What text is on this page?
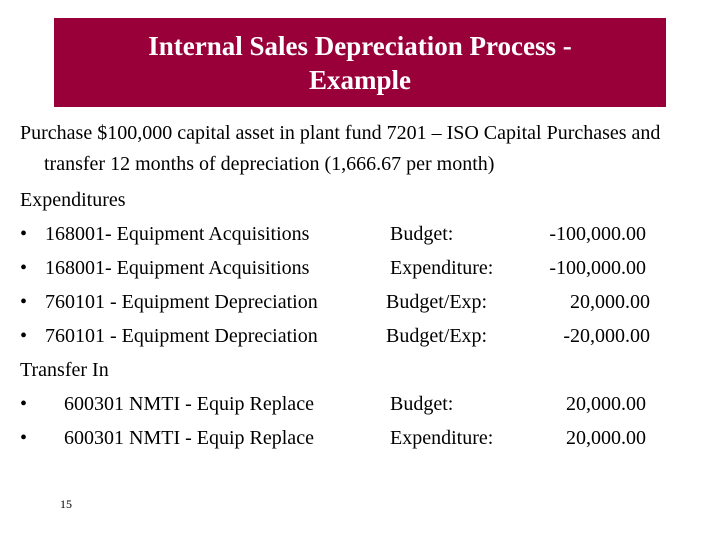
Internal Sales Depreciation Process -
Example

Purchase $100,000 capital asset in plant fund 7201 – ISO Capital Purchases and transfer 12 months of depreciation (1,666.67 per month)

Expenditures
• 168001- Equipment Acquisitions	Budget:	-100,000.00
• 168001- Equipment Acquisitions	Expenditure:	-100,000.00
• 760101 - Equipment Depreciation	Budget/Exp:	20,000.00
• 760101 - Equipment Depreciation	Budget/Exp:	-20,000.00
Transfer In
• 600301 NMTI - Equip Replace	Budget:	20,000.00
• 600301 NMTI - Equip Replace	Expenditure:	20,000.00
15
